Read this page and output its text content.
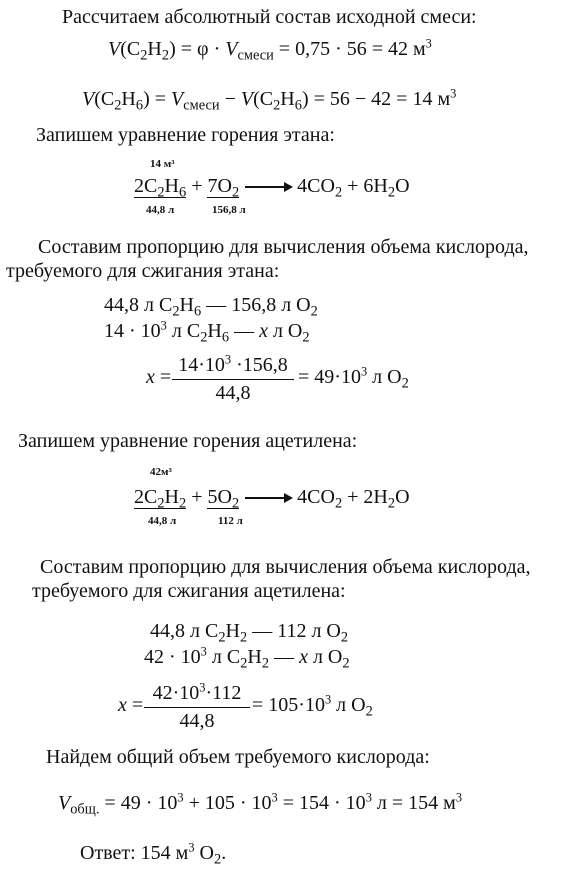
Рассчитаем абсолютный состав исходной смеси:
$V(C_2H_2) = \varphi \cdot V_{смеси} = 0,75 \cdot 56 = 42$ $м^3$
$V(C_2H_6) = V_{смеси} - V(C_2H_6) = 56 - 42 = 14$ $м^3$
Запишем уравнение горения этана:
14 м³
$2C_2H_6 + 7O_2 \to 4CO_2 + 6H_2O$
44,8 л	156,8 л
Составим пропорцию для вычисления объема кислорода,
требуемого для сжигания этана:
44,8 л $C_2H_6$ — 156,8 л $O_2$
$14 \cdot 10^3$ л $C_2H_6$ — x л $O_2$
x =
$14\cdot 10^3 \cdot 156,8$
44,8
= $49\cdot 10^3$ л $O_2$
Запишем уравнение горения ацетилена:
42м³
$2C_2H_2 + 5O_2 \to 4CO_2 + 2H_2O$
44,8 л	112 л
Составим пропорцию для вычисления объема кислорода,
требуемого для сжигания ацетилена:
44,8 л $C_2H_2$ — 112 л $O_2$
$42 \cdot 10^3$ л $C_2H_2$ — x л $O_2$
x =
$42\cdot 10^3\cdot 112$
44,8
= $105\cdot 10^3$ л $O_2$
Найдем общий объем требуемого кислорода:
$V_{общ.} = 49 \cdot 10^3 + 105 \cdot 10^3 = 154 \cdot 10^3$ л = 154 $м^3$
Ответ: 154 $м^3$ $O_2$.
